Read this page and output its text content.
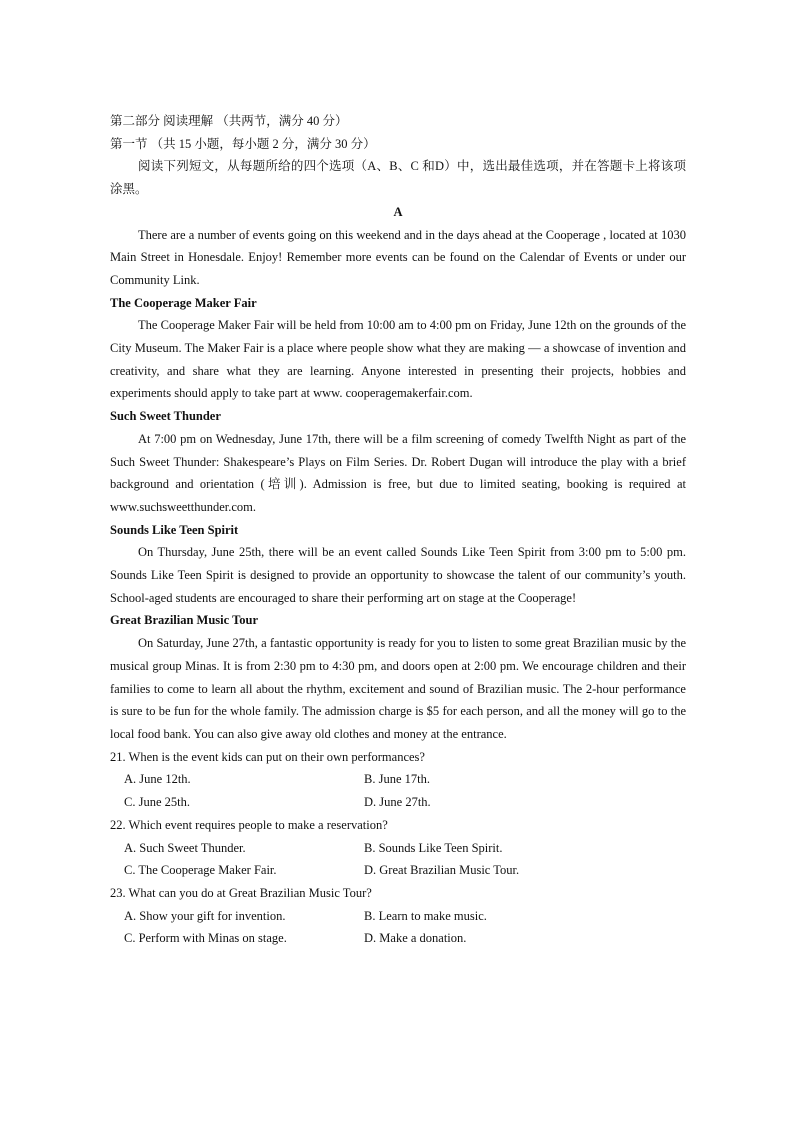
第二部分 阅读理解 （共两节，满分 40 分）

第一节 （共 15 小题，每小题 2 分，满分 30 分）

阅读下列短文，从每题所给的四个选项（A、B、C 和D）中，选出最佳选项，并在答题卡上将该项涂黑。

A

There are a number of events going on this weekend and in the days ahead at the Cooperage , located at 1030 Main Street in Honesdale. Enjoy! Remember more events can be found on the Calendar of Events or under our Community Link.

The Cooperage Maker Fair

The Cooperage Maker Fair will be held from 10:00 am to 4:00 pm on Friday, June 12th on the grounds of the City Museum. The Maker Fair is a place where people show what they are making — a showcase of invention and creativity, and share what they are learning. Anyone interested in presenting their projects, hobbies and experiments should apply to take part at www. cooperagemakerfair.com.

Such Sweet Thunder

At 7:00 pm on Wednesday, June 17th, there will be a film screening of comedy Twelfth Night as part of the Such Sweet Thunder: Shakespeare’s Plays on Film Series. Dr. Robert Dugan will introduce the play with a brief background and orientation (培训). Admission is free, but due to limited seating, booking is required at www.suchsweetthunder.com.

Sounds Like Teen Spirit

On Thursday, June 25th, there will be an event called Sounds Like Teen Spirit from 3:00 pm to 5:00 pm. Sounds Like Teen Spirit is designed to provide an opportunity to showcase the talent of our community’s youth. School-aged students are encouraged to share their performing art on stage at the Cooperage!

Great Brazilian Music Tour

On Saturday, June 27th, a fantastic opportunity is ready for you to listen to some great Brazilian music by the musical group Minas. It is from 2:30 pm to 4:30 pm, and doors open at 2:00 pm. We encourage children and their families to come to learn all about the rhythm, excitement and sound of Brazilian music. The 2-hour performance is sure to be fun for the whole family. The admission charge is $5 for each person, and all the money will go to the local food bank. You can also give away old clothes and money at the entrance.

21. When is the event kids can put on their own performances?

A. June 12th.	B. June 17th.
C. June 25th.	D. June 27th.

22. Which event requires people to make a reservation?

A. Such Sweet Thunder.	B. Sounds Like Teen Spirit.
C. The Cooperage Maker Fair.	D. Great Brazilian Music Tour.

23. What can you do at Great Brazilian Music Tour?

A. Show your gift for invention.	B. Learn to make music.
C. Perform with Minas on stage.	D. Make a donation.
